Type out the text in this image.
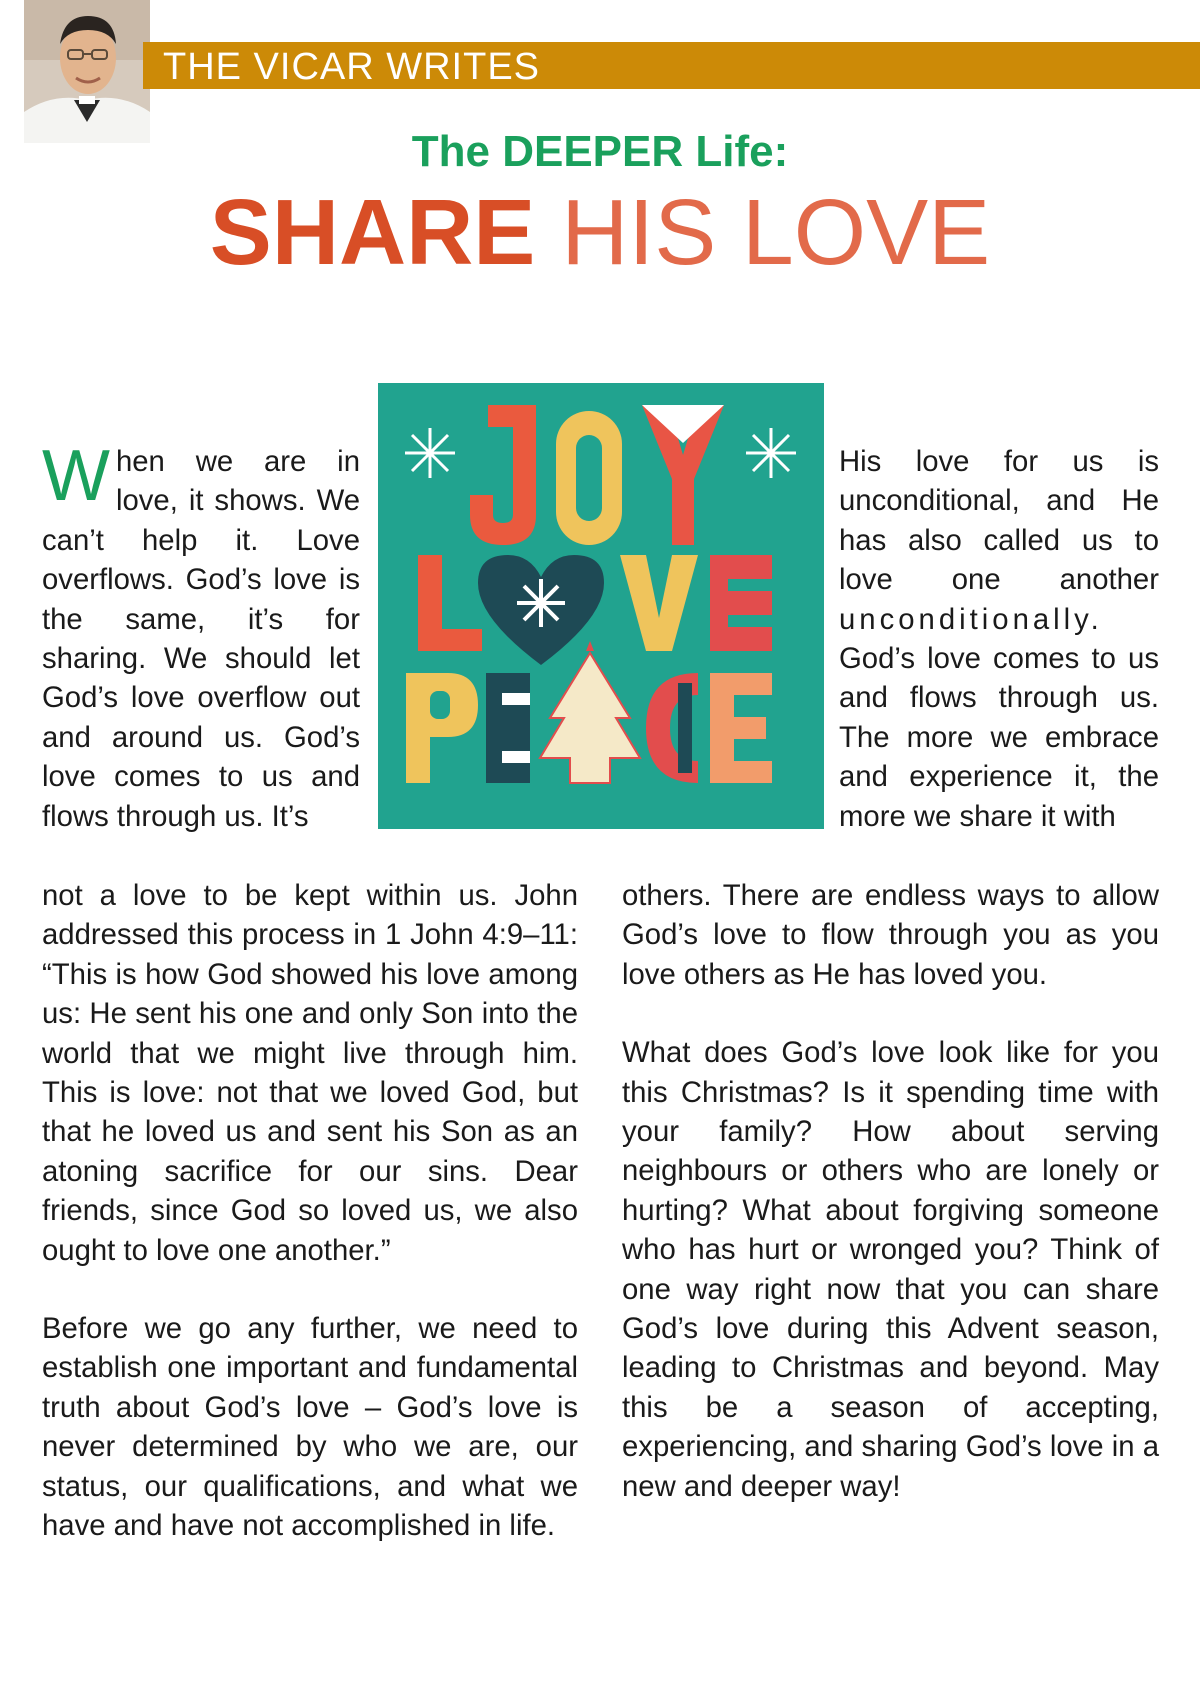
THE VICAR WRITES
The DEEPER Life:
SHARE HIS LOVE

When we are in love, it shows. We can’t help it. Love overflows. God’s love is the same, it’s for sharing. We should let God’s love overflow out and around us. God’s love comes to us and flows through us. It’s

His love for us is unconditional, and He has also called us to love one another unconditionally. God’s love comes to us and flows through us. The more we embrace and experience it, the more we share it with

not a love to be kept within us. John addressed this process in 1 John 4:9–11: “This is how God showed his love among us: He sent his one and only Son into the world that we might live through him. This is love: not that we loved God, but that he loved us and sent his Son as an atoning sacrifice for our sins. Dear friends, since God so loved us, we also ought to love one another.”

Before we go any further, we need to establish one important and fundamental truth about God’s love – God’s love is never determined by who we are, our status, our qualifications, and what we have and have not accomplished in life.

others. There are endless ways to allow God’s love to flow through you as you love others as He has loved you.

What does God’s love look like for you this Christmas? Is it spending time with your family? How about serving neighbours or others who are lonely or hurting? What about forgiving someone who has hurt or wronged you? Think of one way right now that you can share God’s love during this Advent season, leading to Christmas and beyond. May this be a season of accepting, experiencing, and sharing God’s love in a new and deeper way!
